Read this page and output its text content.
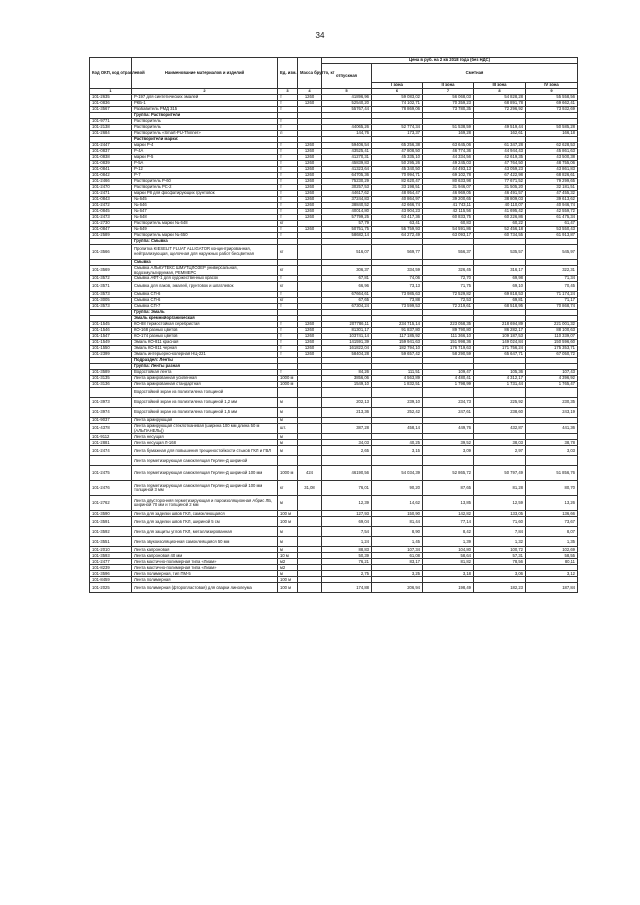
34
Код ОКП, код отраслевой	Наименование материалов и изделий	Ед. изм.	Масса брутто, кг	Цена в руб. на 2 кв 2018 года (без НДС)				
				отпускная	Сметная			
					I зона	II зона	III зона	IV зона
1	2	3	4	5	6	7	8	9
101-2635	Р-197 для синтетических эмалей	т	1260	41896,96	59 083,02	56 068,03	54 828,28	55 558,56
101-0836	РКБ-1	т	1260	52540,20	74 102,71	70 359,23	68 891,78	69 662,41
101-3567	Разбавитель РМД 315	т		55767,44	78 869,06	73 780,35	72 296,92	73 932,69
	Группа: Растворители							
101-9771	Растворитель	т						
101-2138	Растворитель	т		44065,26	52 774,34	51 538,59	49 519,44	50 585,28
101-2684	Растворитель «Smart-PU-Thinner»	л		144,76	173,37	169,28	162,61	166,18
	Растворители марки:							
101-2447	марки Р-4	т	1260	59406,54	65 256,38	63 645,06	61 347,28	62 628,53
101-0837	Р-4А	т	1260	43525,41	47 808,50	46 774,36	44 944,43	45 861,63
101-0838	марки Р-5	т	1260	41270,31	45 335,10	44 334,56	42 619,35	43 500,38
101-0839	Р-5А	т	1260	45839,83	50 295,26	49 245,03	47 764,50	48 755,06
101-0841	Р-12	т	1260	41323,64	45 340,50	44 493,13	43 059,23	43 861,83
101-0842	Р-7	т	1260	64705,36	70 994,71	69 102,78	67 422,98	68 826,61
101-2466	Растворитель Р-60	т	1260	75230,29	82 620,47	80 633,98	77 671,52	79 299,65
101-2470	Растворитель РС-2	т	1260	30257,53	33 198,51	31 946,07	31 505,20	32 181,51
101-2471	марки Р8 для фосфатирующих грунтовок	т	1260	44617,62	48 954,47	46 969,05	46 491,57	47 455,32
101-0843	№ 645	т	1260	37244,83	40 864,97	39 200,65	38 809,03	39 613,62
101-2472	№ 646	т	1260	38840,52	42 666,74	41 743,11	40 110,07	40 946,74
101-0845	№ 647	т	1260	40014,80	43 904,23	42 115,56	41 695,42	42 559,72
101-2473	№ 648	т	1260	57799,25	63 417,36	60 833,75	60 226,86	61 475,34
101-2730	Растворитель марки № 648	кг		57,79	63,41	60,83	60,22	61,47
101-0847	№ 649	т	1260	50751,75	55 759,93	54 591,86	52 456,18	53 550,43
101-2589	Растворитель марки № 650	т		58682,14	64 272,49	63 093,17	60 734,55	61 913,87
	Группа: Смывка							
101-3566	Пропитка KIESELIT FLUAT ALLIGATOR концентрированная, нейтрализующая, щелочная для наружных работ бесцветная	кг		516,07	569,77	556,37	535,57	545,97
	Смывка							
101-3569	Смывка АЛЬКУТЕКС ШМУТЦЛОЗЕР универсальная, водоэмульгируемая, РЕММЕРС	кг		306,37	334,59	326,45	316,17	322,31
101-3572	Смывка АФТ-1 для художественных красок	т		67,81	74,06	72,70	69,98	71,34
101-3571	Смывка для лаков, эмалей, грунтовок и шпатлевок	кг		66,96	73,13	71,75	69,10	70,45
101-3573	Смывка СП-6	т		67664,61	73 985,63	72 529,82	69 818,53	71 174,24
101-3005	Смывка СП-6	кг		67,65	73,88	72,53	69,81	71,17
101-3573	Смывка СП-7	т		67304,24	73 599,53	72 219,61	68 518,95	70 868,74
	Группа: Эмаль							
	Эмаль кремнийорганическая							
101-1545	КО-88 термостойкая серебристая	т	1260	207786,11	234 715,14	223 058,35	218 694,89	221 001,32
101-1546	КО-168 разных цветов	т	1260	81301,17	91 837,80	89 790,80	86 282,17	88 100,63
101-1547	КО-174 разных цветов	т	1260	103741,14	117 185,92	111 366,10	109 187,53	110 339,07
101-1549	Эмаль КО-811 красная	т	1260	141591,39	159 941,63	151 998,36	149 024,84	150 596,60
101-1550	Эмаль КО-811 черная	т	1260	161822,04	182 794,10	176 719,63	171 756,24	175 353,71
101-2399	Эмаль интерьерно-колерная НЦ-221	т	1260	58404,28	59 657,42	58 290,59	65 647,71	67 050,72
	Подраздел: Ленты							
	Группа: Ленты разная							
101-3589	Водостойкая лента	т		84,26	111,51	109,47	105,36	107,43
101-3135	Лента армированная усиленная	1000 м		3856,06	4 563,89	4 480,41	4 312,17	4 396,92
101-3136	Лента армированная стандартная	1000 м		1549,10	1 832,51	1 798,99	1 731,44	1 765,47
	Водостойкий экран из полиэтилена толщиной							
101-3973	Водостойкий экран из полиэтилена толщиной 1,2 мм	м		202,13	239,10	234,73	225,92	230,35
101-3974	Водостойкий экран из полиэтилена толщиной 1,5 мм	м		213,36	252,42	247,61	238,60	243,19
101-9037	Лента армирующая	м						
101-4378	Лента армирующая стеклотканевая (ширина 100 мм длина 50 м (АЛЬПАНЕЛЬ))	шт.		387,28	458,14	449,76	432,87	441,36
101-9112	Лента несущая	м						
101-2881	Лента несущая Л-168	м		34,03	40,25	39,52	38,03	38,78
101-2474	Лента бумажная для повышения трещиностойкости стыков ГКЛ и ГВЛ	м		2,65	3,15	3,09	2,97	3,03
	Лента герметизирующая самоклеящая Герлен-Д шириной							
101-2475	Лента герметизирующая самоклеящая Герлен-Д шириной 100 мм	1000 м	424	46190,56	54 034,39	52 865,72	50 797,49	51 856,76
101-2476	Лента герметизирующая самоклеящая Герлен-Д шириной 100 мм толщиной 3 мм	кг	31,08	76,01	90,20	87,65	81,28	80,70
101-2762	Лента двусторонняя герметизирующая и пароизоляционная Абрис ЛБ, шириной 70 мм и толщиной 2 мм	м		12,39	14,62	13,85	12,59	13,26
101-3590	Лента для заделки швов ГКЛ, самоклеющаяся	100 м		127,93	150,90	142,82	133,05	136,66
101-3591	Лента для заделки швов ГКЛ, шириной 5 см	100 м		69,04	81,44	77,14	71,60	73,67
101-3592	Лента для защиты углов ГКЛ, металлизированная	м		7,54	8,90	8,42	7,84	8,07
101-3551	Лента звукоизоляционная самоклеящаяся 50 мм	м		1,24	1,45	1,39	1,32	1,35
101-2010	Лента капроновая	м		88,83	107,34	104,80	100,72	102,69
101-3593	Лента капроновая 40 мм	10 м		50,39	61,08	58,64	57,31	58,55
101-2477	Лента мастично-полимерная типа «Лиам»	м2		76,21	83,17	81,82	78,56	80,11
101-8239	Лента мастично-полимерная типа «Лиам»	м2						
101-3596	Лента полимерная, тип ПМ-5	м		2,75	3,25	3,18	3,06	3,12
101-8459	Лента полимерная	100 м						
101-2025	Лента полимерная (фторопластовая) для сварки линолеума	100 м		174,88	206,94	198,49	182,23	187,84
